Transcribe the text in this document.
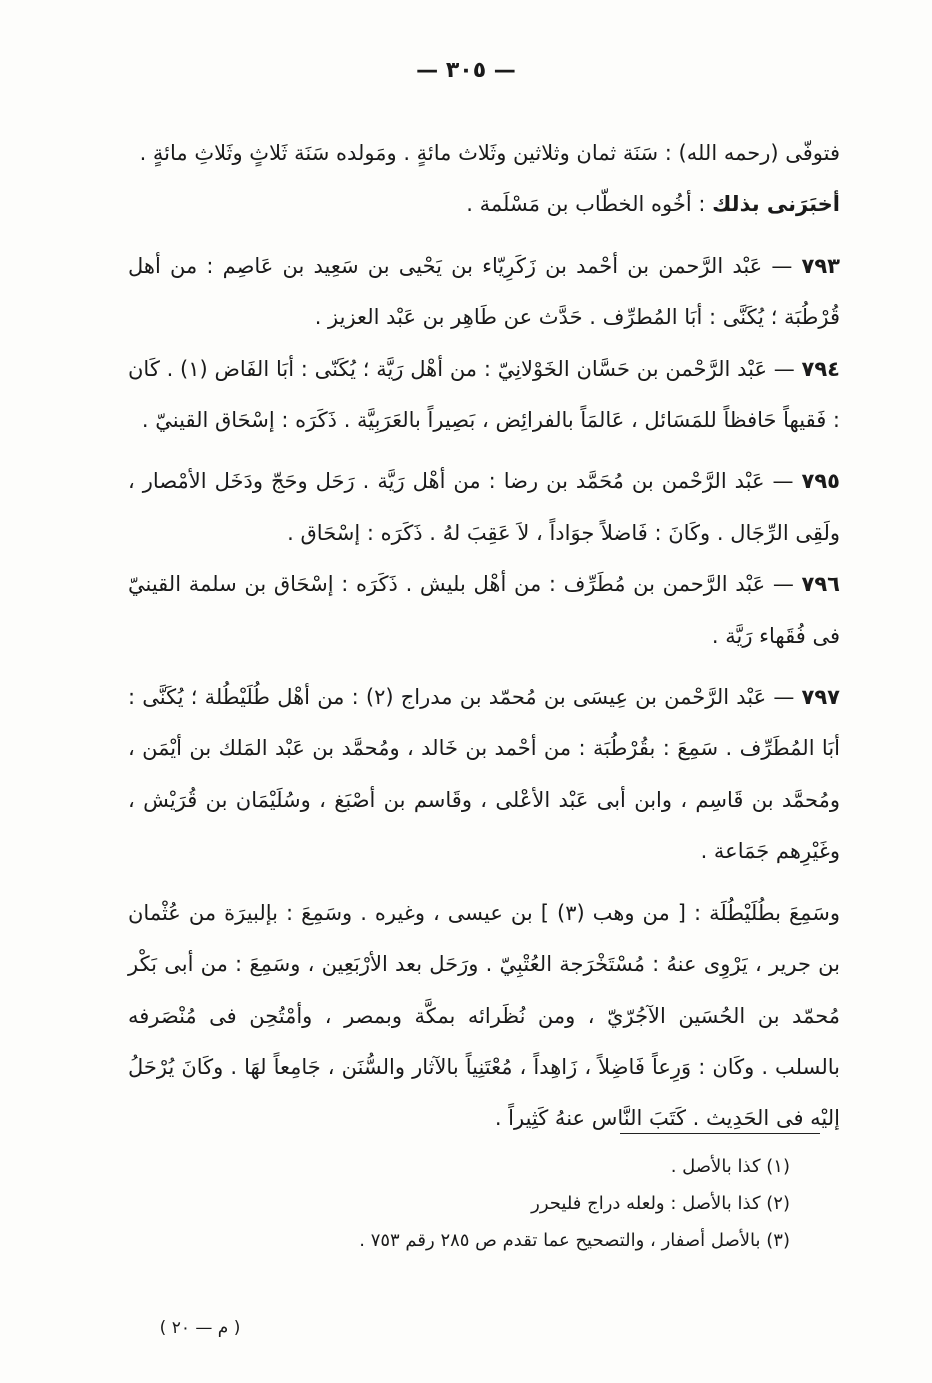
— ٣٠٥ —

فتوفّى (رحمه الله) : سَنَة ثمان وثلاثين وثَلاث مائةٍ . ومَولده سَنَة ثَلاثٍ وثَلاثِ مائةٍ .

أخبَرَنى بذلك : أخُوه الخطّاب بن مَسْلَمة .

٧٩٣ — عَبْد الرَّحمن بن أحْمد بن زَكَرِيّاء بن يَحْيى بن سَعِيد بن عَاصِم : من أهل قُرْطُبَة ؛ يُكَنَّى : أبَا المُطرِّف . حَدَّث عن طَاهِر بن عَبْد العزيز .

٧٩٤ — عَبْد الرَّحْمن بن حَسَّان الخَوْلانِيّ : من أهْل رَيَّة ؛ يُكَنّى : أبَا الفَاض (١) . كَان : فَقيهاً حَافظاً للمَسَائل ، عَالمَاً بالفرائِض ، بَصِيراً بالعَرَبِيَّة . ذَكَرَه : إسْحَاق القينيّ .

٧٩٥ — عَبْد الرَّحْمن بن مُحَمَّد بن رضا : من أهْل رَيَّة . رَحَل وحَجّ ودَخَل الأمْصار ، ولَقِى الرِّجَال . وكَانَ : فَاضلاً جوَاداً ، لاَ عَقِبَ لهُ . ذَكَرَه : إسْحَاق .

٧٩٦ — عَبْد الرَّحمن بن مُطَرِّف : من أهْل بليش . ذَكَرَه : إسْحَاق بن سلمة القينيّ فى فُقَهاء رَيَّة .

٧٩٧ — عَبْد الرَّحْمن بن عِيسَى بن مُحمّد بن مدراج (٢) : من أهْل طُلَيْطُلة ؛ يُكَنَّى : أبَا المُطَرِّف . سَمِعَ : بقُرْطُبَة : من أحْمد بن خَالد ، ومُحمَّد بن عَبْد المَلك بن أيْمَن ، ومُحمَّد بن قَاسِم ، وابن أبى عَبْد الأعْلى ، وقَاسم بن أصْبَغ ، وسُلَيْمَان بن قُرَيْش ، وغَيْرِهم جَمَاعة .

وسَمِعَ بطُلَيْطُلَة : [ من وهب (٣) ] بن عيسى ، وغيره . وسَمِعَ : بإلبيرَة من عُثْمان بن جرير ، يَرْوِى عنهُ : مُسْتَخْرَجة العُتْبِيّ . ورَحَل بعد الأرْبَعِين ، وسَمِعَ : من أبى بَكْر مُحمّد بن الحُسَين الآجُرّيّ ، ومن نُظَرائه بمكَّة وبمصر ، وأمْتُحِن فى مُنْصَرفه بالسلب . وكَان : وَرِعاً فَاضِلاً ، زَاهِداً ، مُعْتَنِياً بالآثار والسُّنَن ، جَامِعاً لهَا . وكَانَ يُرْحَلُ إليْه فى الحَدِيث . كَتَبَ النَّاس عنهُ كَثِيراً .

(١) كذا بالأصل .

(٢) كذا بالأصل : ولعله دراج فليحرر

(٣) بالأصل أصفار ، والتصحيح عما تقدم ص ٢٨٥ رقم ٧٥٣ .

( م — ٢٠ )
